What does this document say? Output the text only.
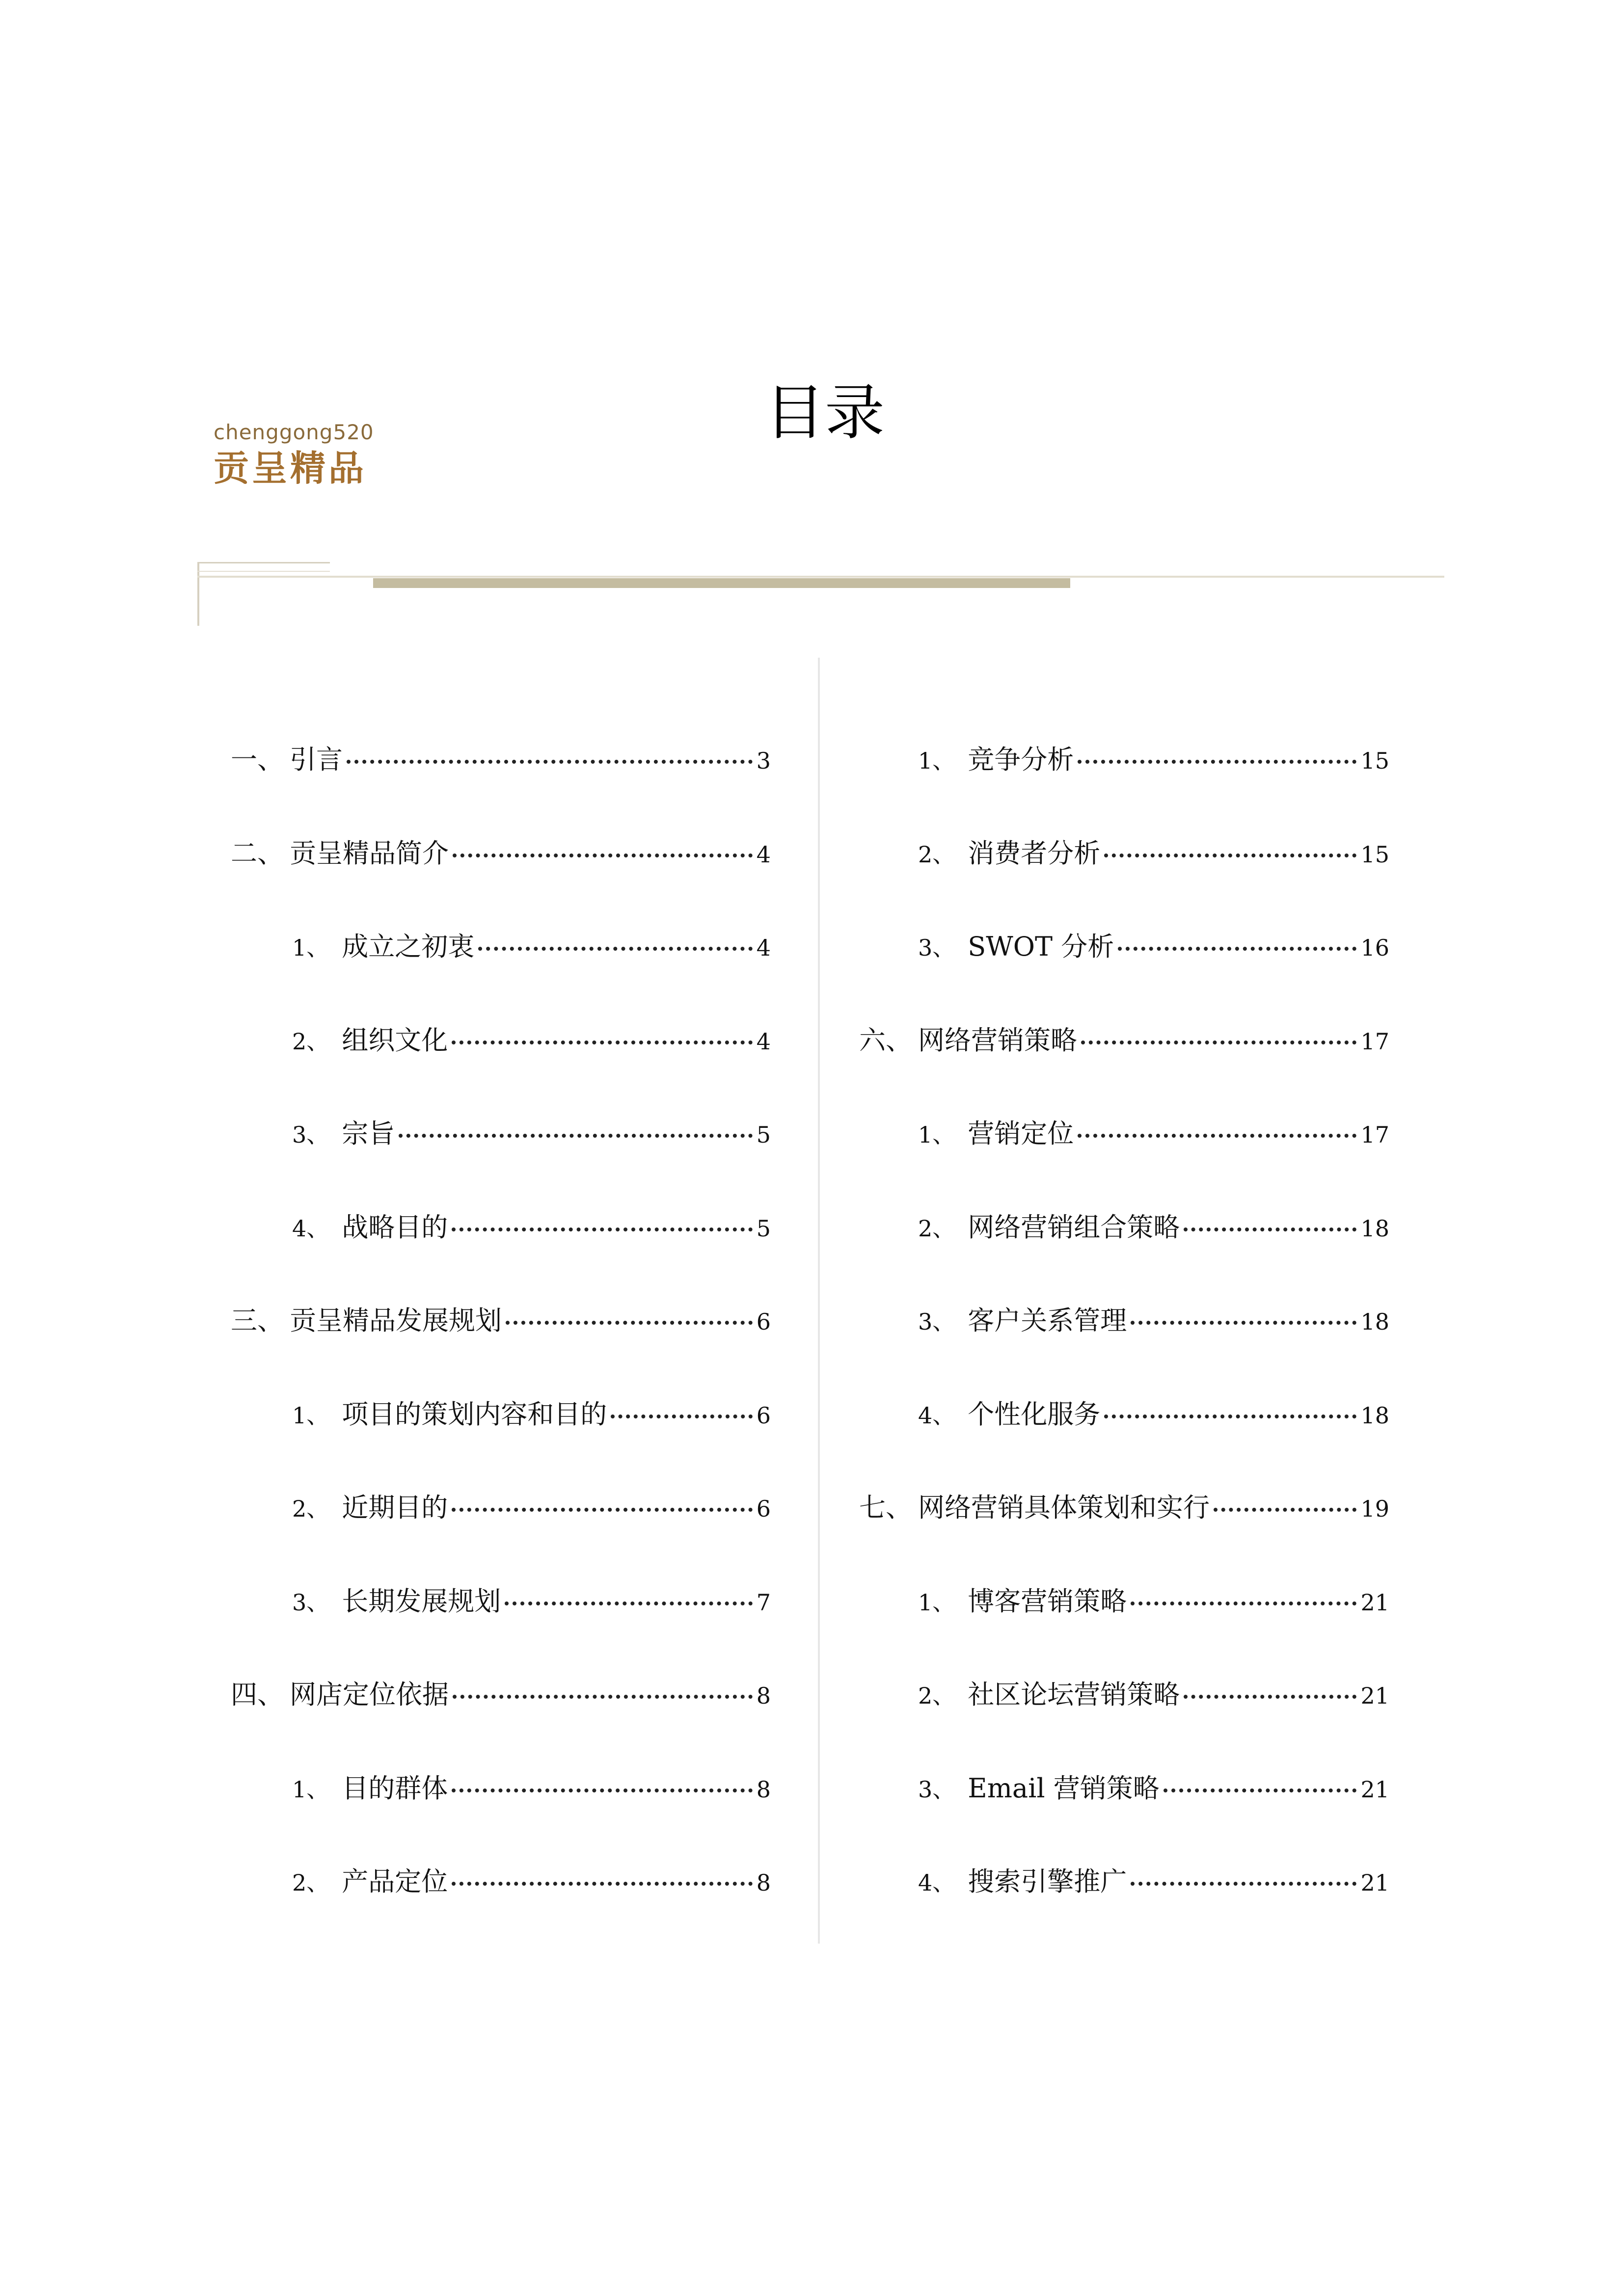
chenggong520
贡呈精品
目录
一、 引言	3
二、 贡呈精品简介	4
1、 成立之初衷	4
2、 组织文化	4
3、 宗旨	5
4、 战略目的	5
三、 贡呈精品发展规划	6
1、 项目的策划内容和目的	6
2、 近期目的	6
3、 长期发展规划	7
四、 网店定位依据	8
1、 目的群体	8
2、 产品定位	8
1、 竞争分析	15
2、 消费者分析	15
3、 SWOT 分析	16
六、 网络营销策略	17
1、 营销定位	17
2、 网络营销组合策略	18
3、 客户关系管理	18
4、 个性化服务	18
七、 网络营销具体策划和实行	19
1、 博客营销策略	21
2、 社区论坛营销策略	21
3、 Email 营销策略	21
4、 搜索引擎推广	21
